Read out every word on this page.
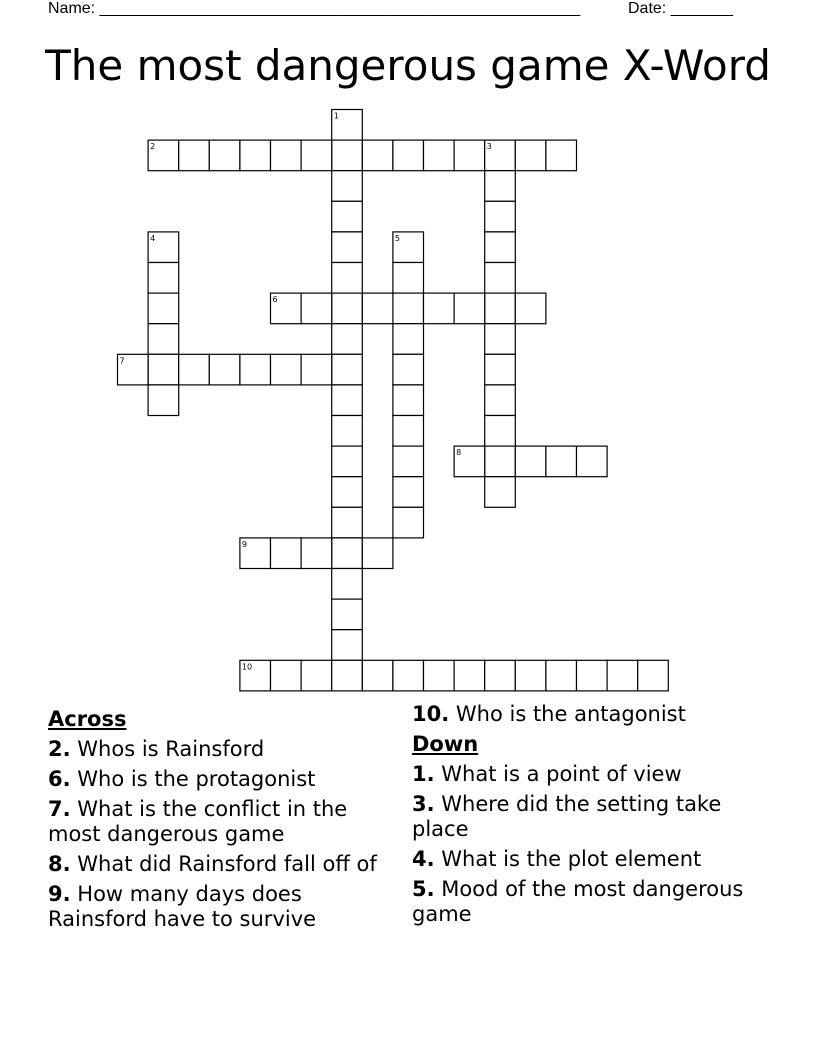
Name: ______________________________________________________	Date: _______
The most dangerous game X-Word
1
2	3
4	5
6
7
8
9
10
Across
2. Whos is Rainsford
6. Who is the protagonist
7. What is the conflict in the most dangerous game
8. What did Rainsford fall off of
9. How many days does Rainsford have to survive
10. Who is the antagonist
Down
1. What is a point of view
3. Where did the setting take place
4. What is the plot element
5. Mood of the most dangerous game
